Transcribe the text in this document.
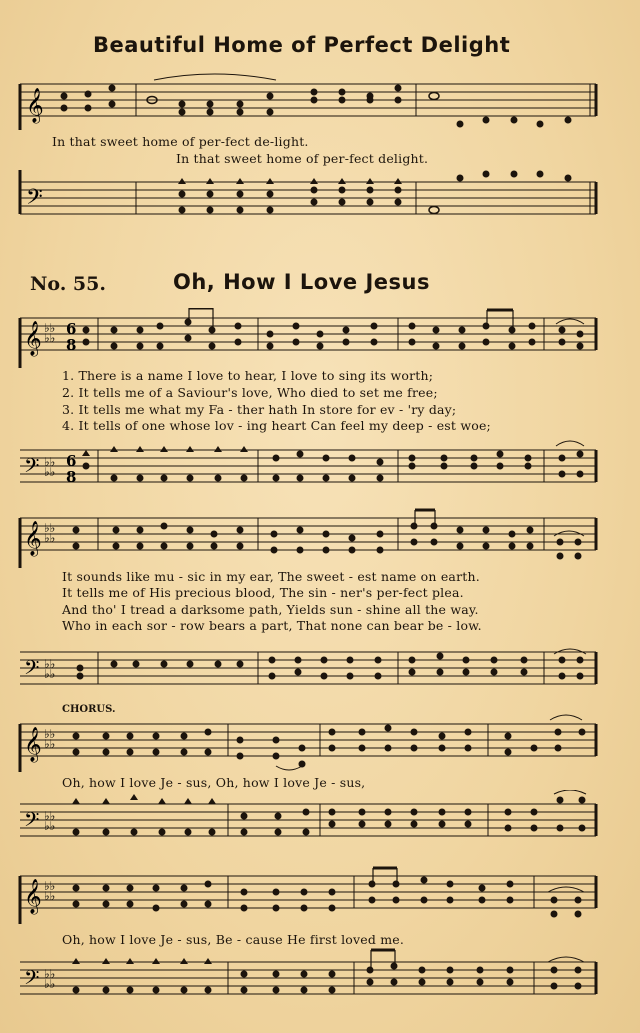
Beautiful Home of Perfect Delight
𝄞
In that sweet home of per-fect de-light.
In that sweet home of per-fect delight.
𝄢
No. 55.	Oh, How I Love Jesus
𝄞 ♭♭
♭♭ 6
8
1. There is a name I love to hear, I love to sing its worth;
2. It tells me of a Saviour's love, Who died to set me free;
3. It tells me what my Fa - ther hath In store for ev - 'ry day;
4. It tells of one whose lov - ing heart Can feel my deep - est woe;
𝄢 ♭♭
♭♭
6
8
𝄞 ♭♭
♭♭
It sounds like mu - sic in my ear, The sweet - est name on earth.
It tells me of His precious blood, The sin - ner's per-fect plea.
And tho' I tread a darksome path, Yields sun - shine all the way.
Who in each sor - row bears a part, That none can bear be - low.
𝄢 ♭♭
♭♭
CHORUS.
𝄞 ♭♭
♭♭
Oh, how I love Je - sus, Oh, how I love Je - sus,
𝄢 ♭♭
♭♭
𝄞 ♭♭
♭♭
Oh, how I love Je - sus, Be - cause He first loved me.
𝄢 ♭♭
♭♭
